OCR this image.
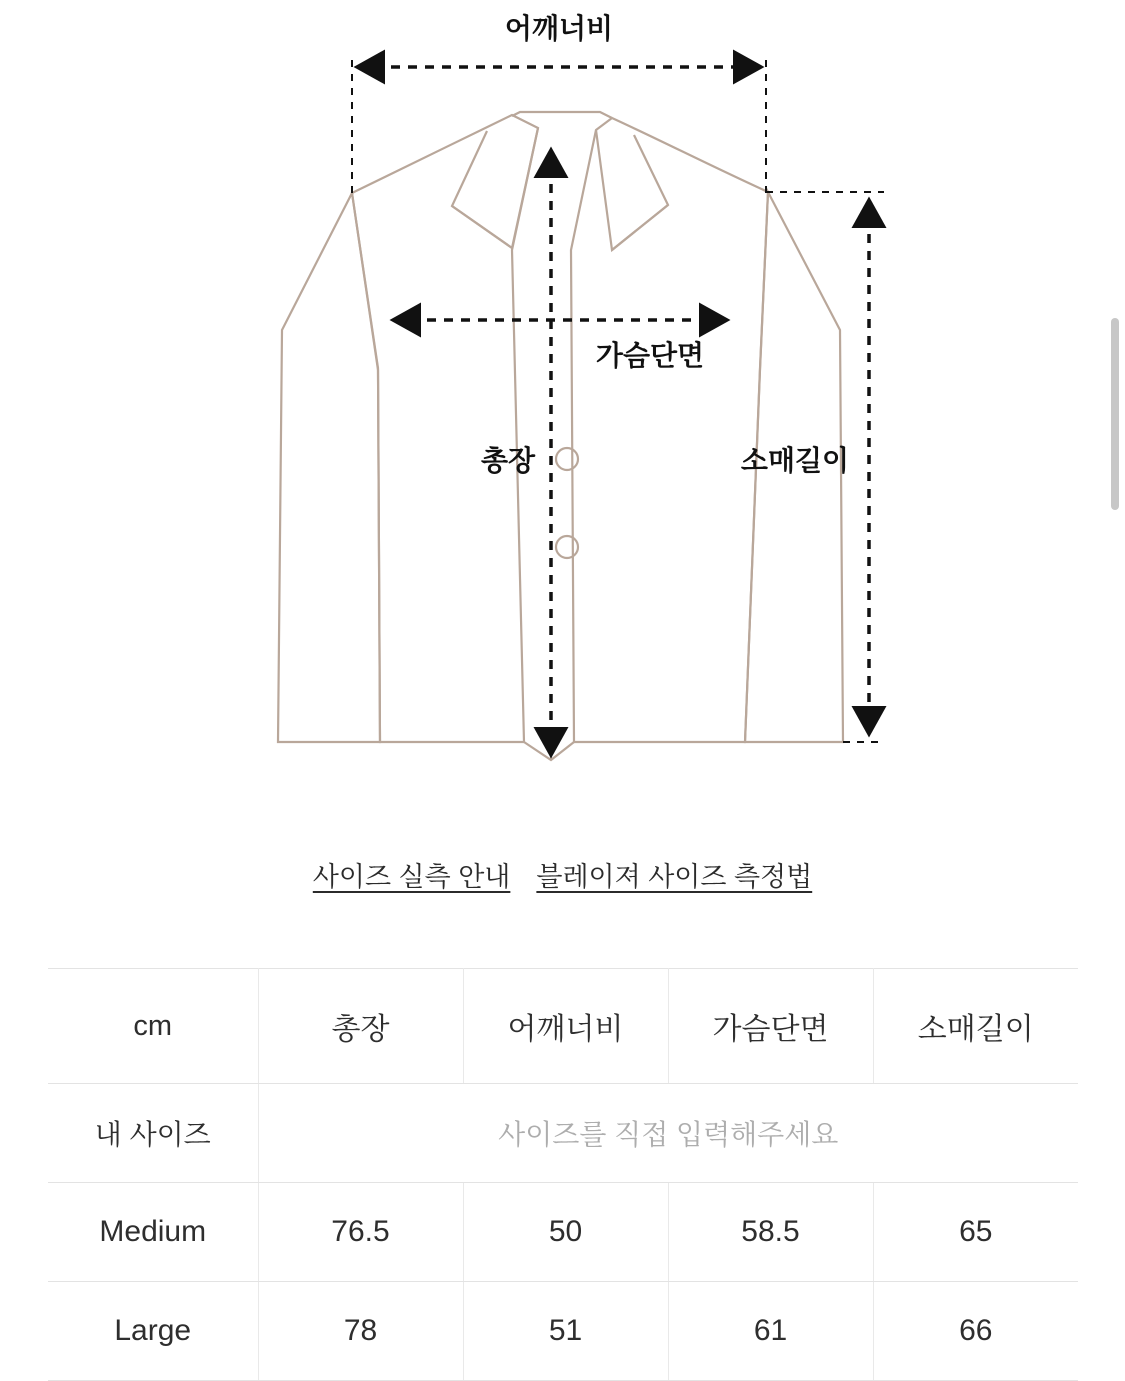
어깨너비
가슴단면
총장	소매길이
사이즈 실측 안내 블레이져 사이즈 측정법
cm	총장	어깨너비	가슴단면	소매길이
내 사이즈	사이즈를 직접 입력해주세요			
Medium	76.5	50	58.5	65
Large	78	51	61	66
